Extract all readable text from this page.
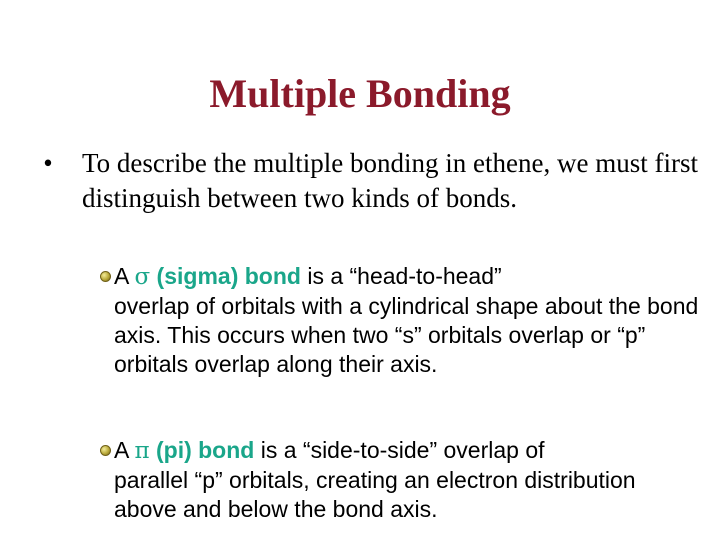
Multiple Bonding
•	To describe the multiple bonding in ethene, we must first distinguish between two kinds of bonds.
A σ (sigma) bond is a “head-to-head”
overlap of orbitals with a cylindrical shape about the bond axis. This occurs when two “s” orbitals overlap or “p” orbitals overlap along their axis.
A π (pi) bond is a “side-to-side” overlap of
parallel “p” orbitals, creating an electron distribution above and below the bond axis.
